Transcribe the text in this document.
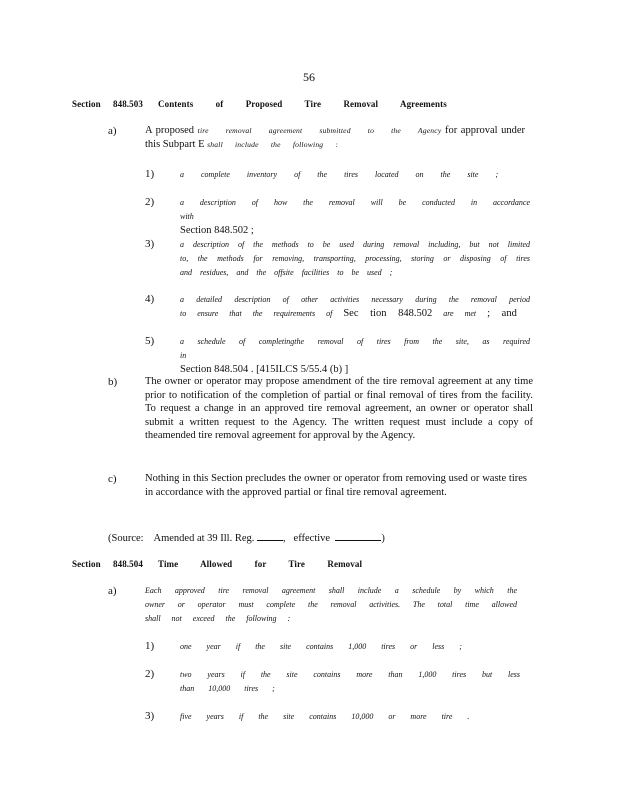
56
Section 848.503 Contents of Proposed Tire Removal Agreements
a)	A proposed tire removal agreement submitted to the Agency for approval under this Subpart E shall include the following :
1)	a complete inventory of the tires located on the site ;
2)	a description of how the removal will be conducted in accordance with
Section 848.502 ;
3)	a description of the methods to be used during removal including, but not limited to, the methods for removing, transporting, processing, storing or disposing of tires and residues, and the offsite facilities to be used ;
4)	a detailed description of other activities necessary during the removal period to ensure that the requirements of Sec tion 848.502 are met ; and
5)	a schedule of completingthe removal of tires from the site, as required in
Section 848.504 . [415ILCS 5/55.4 (b) ]
b)	The owner or operator may propose amendment of the tire removal agreement at any time prior to notification of the completion of partial or final removal of tires from the facility. To request a change in an approved tire removal agreement, an owner or operator shall submit a written request to the Agency. The written request must include a copy of theamended tire removal agreement for approval by the Agency.
c)	Nothing in this Section precludes the owner or operator from removing used or waste tires in accordance with the approved partial or final tire removal agreement.
(Source: Amended at 39 Ill. Reg.	, effective	)
Section 848.504 Time Allowed for Tire Removal
a)	Each approved tire removal agreement shall include a schedule by which the owner or operator must complete the removal activities. The total time allowed shall not exceed the following :
1)	one year if the site contains 1,000 tires or less ;
2)	two years if the site contains more than 1,000 tires but less than 10,000 tires ;
3)	five years if the site contains 10,000 or more tire .
